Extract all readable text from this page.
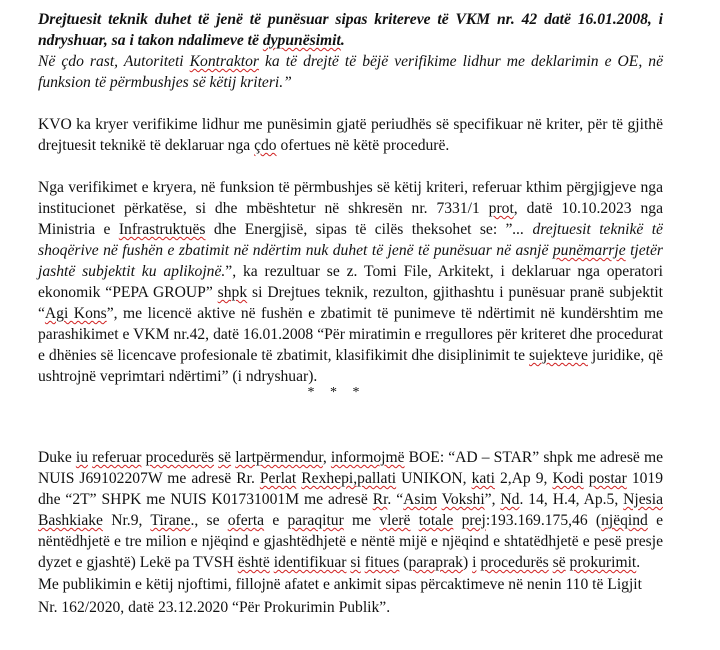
Drejtuesit teknik duhet të jenë të punësuar sipas kritereve të VKM nr. 42 datë 16.01.2008, i ndryshuar, sa i takon ndalimeve të dypunësimit.

Në çdo rast, Autoriteti Kontraktor ka të drejtë të bëjë verifikime lidhur me deklarimin e OE, në funksion të përmbushjes së këtij kriteri.”

KVO ka kryer verifikime lidhur me punësimin gjatë periudhës së specifikuar në kriter, për të gjithë drejtuesit teknikë të deklaruar nga çdo ofertues në këtë procedurë.

Nga verifikimet e kryera, në funksion të përmbushjes së këtij kriteri, referuar kthim përgjigjeve nga institucionet përkatëse, si dhe mbështetur në shkresën nr. 7331/1 prot, datë 10.10.2023 nga Ministria e Infrastruktuës dhe Energjisë, sipas të cilës theksohet se: ”... drejtuesit teknikë të shoqërive në fushën e zbatimit në ndërtim nuk duhet të jenë të punësuar në asnjë punëmarrje tjetër jashtë subjektit ku aplikojnë.”, ka rezultuar se z. Tomi File, Arkitekt, i deklaruar nga operatori ekonomik “PEPA GROUP” shpk si Drejtues teknik, rezulton, gjithashtu i punësuar pranë subjektit “Agi Kons”, me licencë aktive në fushën e zbatimit të punimeve të ndërtimit në kundërshtim me parashikimet e VKM nr.42, datë 16.01.2008 “Për miratimin e rregullores për kriteret dhe procedurat e dhënies së licencave profesionale të zbatimit, klasifikimit dhe disiplinimit te sujekteve juridike, që ushtrojnë veprimtari ndërtimi” (i ndryshuar).

* * *

Duke iu referuar procedurës së lartpërmendur, informojmë BOE: “AD – STAR” shpk me adresë me NUIS J69102207W me adresë Rr. Perlat Rexhepi,pallati UNIKON, kati 2,Ap 9, Kodi postar 1019 dhe “2T” SHPK me NUIS K01731001M me adresë Rr. “Asim Vokshi”, Nd. 14, H.4, Ap.5, Njesia Bashkiake Nr.9, Tirane., se oferta e paraqitur me vlerë totale prej:193.169.175,46 (njëqind e nëntëdhjetë e tre milion e njëqind e gjashtëdhjetë e nëntë mijë e njëqind e shtatëdhjetë e pesë presje dyzet e gjashtë) Lekë pa TVSH është identifikuar si fitues (paraprak) i procedurës së prokurimit.

Me publikimin e këtij njoftimi, fillojnë afatet e ankimit sipas përcaktimeve në nenin 110 të Ligjit Nr. 162/2020, datë 23.12.2020 “Për Prokurimin Publik”.
